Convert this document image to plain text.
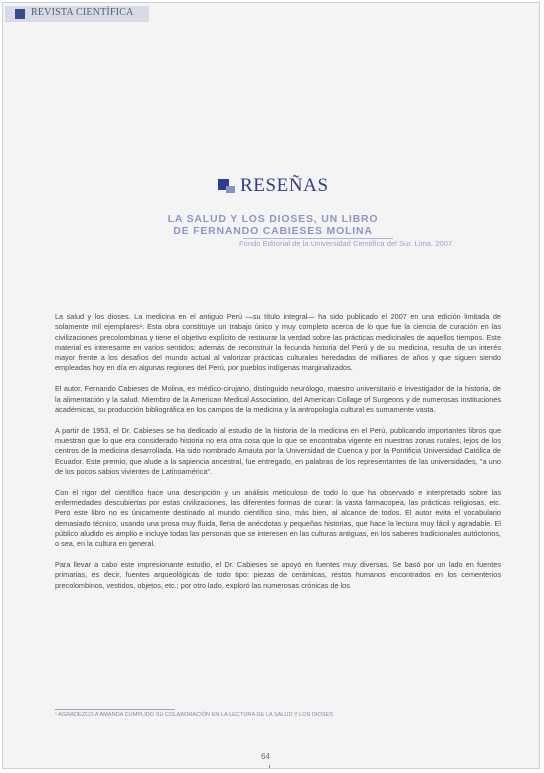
REVISTA CIENTÍFICA
RESEÑAS
LA SALUD Y LOS DIOSES, UN LIBRO
DE FERNANDO CABIESES MOLINA
Fondo Editorial de la Universidad Científica del Sur. Lima. 2007.

La salud y los dioses. La medicina en el antiguo Perú —su título integral— ha sido publicado el 2007 en una edición limitada de solamente mil ejemplares¹. Esta obra constituye un trabajo único y muy completo acerca de lo que fue la ciencia de curación en las civilizaciones precolombinas y tiene el objetivo explícito de restaurar la verdad sobre las prácticas medicinales de aquellos tiempos. Este material es interesante en varios sentidos: además de reconstruir la fecunda historia del Perú y de su medicina, resulta de un interés mayor frente a los desafíos del mundo actual al valorizar prácticas culturales heredadas de milliares de años y que siguen siendo empleadas hoy en día en algunas regiones del Perú, por pueblos indígenas marginalizados.

El autor, Fernando Cabieses de Molina, es médico-cirujano, distinguido neurólogo, maestro universitario e investigador de la historia, de la alimentación y la salud. Miembro de la American Medical Association, del American Collage of Surgeons y de numerosas instituciones académicas, su producción bibliográfica en los campos de la medicina y la antropología cultural es sumamente vasta.

A partir de 1953, el Dr. Cabieses se ha dedicado al estudio de la historia de la medicina en el Perú, publicando importantes libros que muestran que lo que era considerado historia no era otra cosa que lo que se encontraba vigente en nuestras zonas rurales, lejos de los centros de la medicina desarrollada. Ha sido nombrado Amauta por la Universidad de Cuenca y por la Pontificia Universidad Católica de Ecuador. Este premio, que alude a la sapiencia ancestral, fue entregado, en palabras de los representantes de las universidades, "a uno de los pocos sabios vivientes de Latinoamérica".

Con el rigor del científico hace una descripción y un análisis meticuloso de todo lo que ha observado e interpretado sobre las enfermedades descubiertas por estas civilizaciones, las diferentes formas de curar: la vasta farmacopea, las prácticas religiosas, etc. Pero este libro no es únicamente destinado al mundo científico sino, más bien, al alcance de todos. El autor evita el vocabulario demasiado técnico, usando una prosa muy fluida, llena de anécdotas y pequeñas historias, que hace la lectura muy fácil y agradable. El público aludido es amplio e incluye todas las personas que se interesen en las culturas antiguas, en los saberes tradicionales autóctonos, o sea, en la cultura en general.

Para llevar a cabo este impresionante estudio, el Dr. Cabieses se apoyó en fuentes muy diversas. Se basó por un lado en fuentes primarias, es decir, fuentes arqueológicas de todo tipo: piezas de cerámicas, restos humanos encontrados en los cementerios precolombinos, vestidos, objetos, etc.; por otro lado, exploró las numerosas crónicas de los

¹ AGRADEZCO A AMANDA CUMPLIDO SU COLABORACIÓN EN LA LECTURA DE LA SALUD Y LOS DIOSES
64
